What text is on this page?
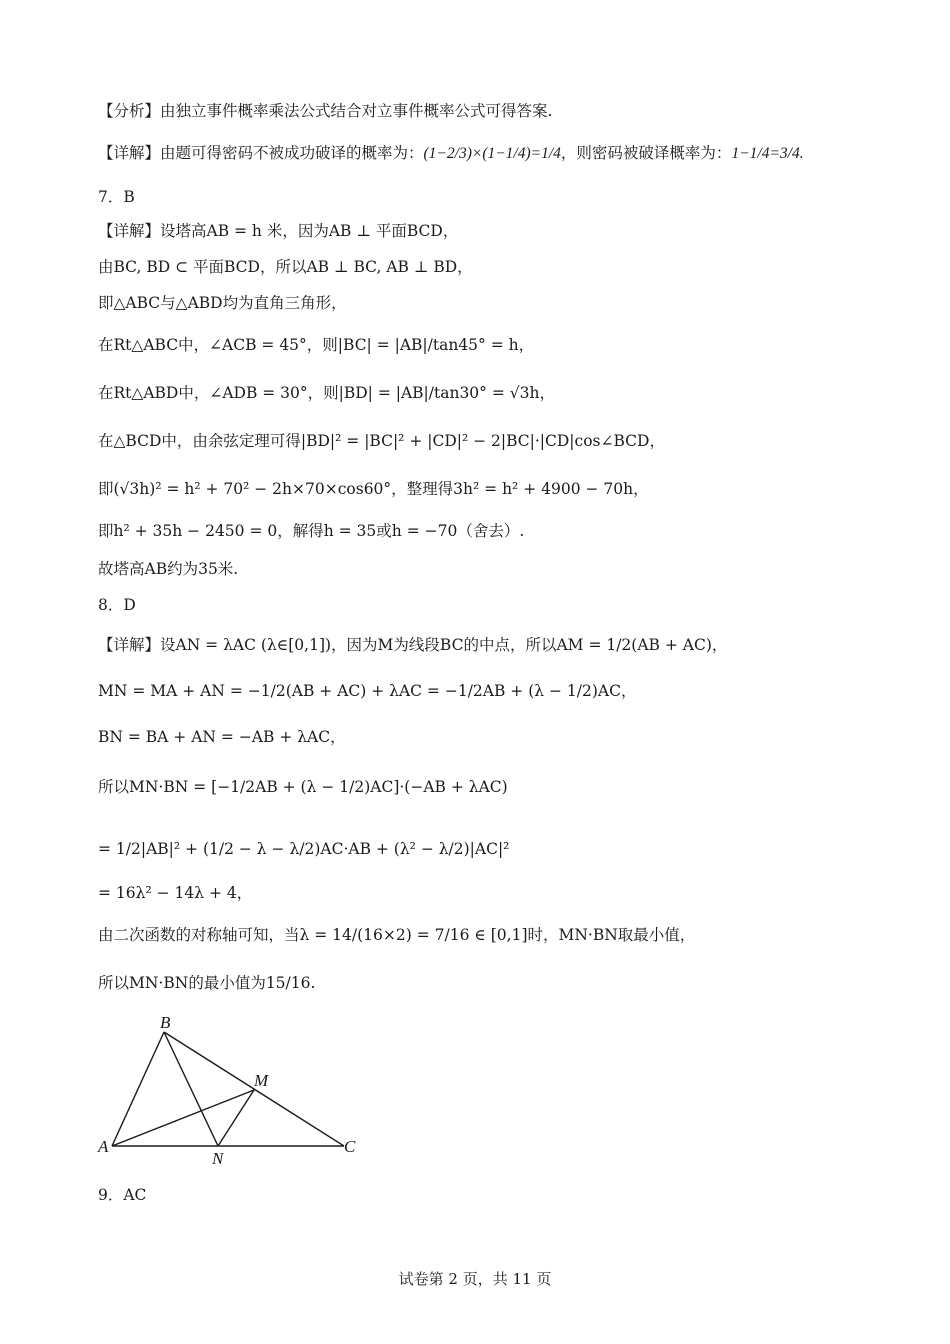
【分析】由独立事件概率乘法公式结合对立事件概率公式可得答案.
【详解】由题可得密码不被成功破译的概率为：(1−2/3)×(1−1/4)=1/4，则密码被破译概率为：1−1/4=3/4.
7．B
【详解】设塔高AB = h 米，因为AB ⊥ 平面BCD，
由BC, BD ⊂ 平面BCD，所以AB ⊥ BC, AB ⊥ BD，
即△ABC与△ABD均为直角三角形，
在Rt△ABC中，∠ACB = 45°，则|BC| = |AB|/tan45° = h，
在Rt△ABD中，∠ADB = 30°，则|BD| = |AB|/tan30° = √3h，
在△BCD中，由余弦定理可得|BD|² = |BC|² + |CD|² − 2|BC|·|CD|cos∠BCD，
即(√3h)² = h² + 70² − 2h×70×cos60°，整理得3h² = h² + 4900 − 70h，
即h² + 35h − 2450 = 0，解得h = 35或h = −70（舍去）.
故塔高AB约为35米.
8．D
【详解】设AN = λAC (λ∈[0,1])，因为M为线段BC的中点，所以AM = 1/2(AB + AC)，
MN = MA + AN = −1/2(AB + AC) + λAC = −1/2AB + (λ − 1/2)AC，
BN = BA + AN = −AB + λAC，
所以MN·BN = [−1/2AB + (λ − 1/2)AC]·(−AB + λAC)
= 1/2|AB|² + (1/2 − λ − λ/2)AC·AB + (λ² − λ/2)|AC|²
= 16λ² − 14λ + 4，
由二次函数的对称轴可知，当λ = 14/(16×2) = 7/16 ∈ [0,1]时，MN·BN取最小值，
所以MN·BN的最小值为15/16.
A
B
C
M
N
9．AC
试卷第 2 页，共 11 页
